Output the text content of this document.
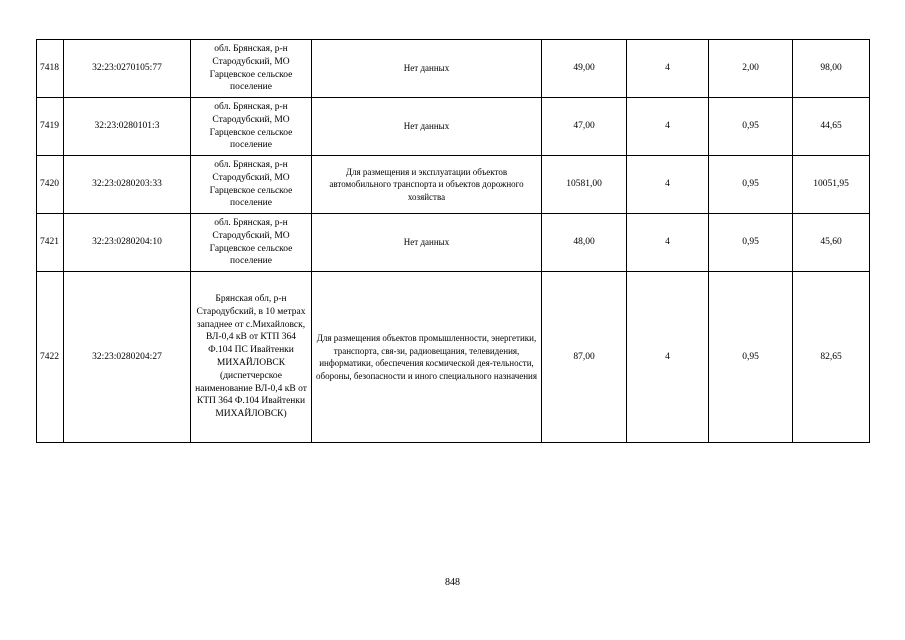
7418	32:23:0270105:77	обл. Брянская, р-н Стародубский, МО Гарцевское сельское поселение	Нет данных	49,00	4	2,00	98,00
7419	32:23:0280101:3	обл. Брянская, р-н Стародубский, МО Гарцевское сельское поселение	Нет данных	47,00	4	0,95	44,65
7420	32:23:0280203:33	обл. Брянская, р-н Стародубский, МО Гарцевское сельское поселение	Для размещения и эксплуатации объектов автомобильного транспорта и объектов дорожного хозяйства	10581,00	4	0,95	10051,95
7421	32:23:0280204:10	обл. Брянская, р-н Стародубский, МО Гарцевское сельское поселение	Нет данных	48,00	4	0,95	45,60
7422	32:23:0280204:27	Брянская обл, р-н Стародубский, в 10 метрах западнее от с.Михайловск, ВЛ-0,4 кВ от КТП 364 Ф.104 ПС Ивайтенки МИХАЙЛОВСК (диспетчерское наименование ВЛ-0,4 кВ от КТП 364 Ф.104 Ивайтенки МИХАЙЛОВСК)	Для размещения объектов промышленности, энергетики, транспорта, свя-зи, радиовещания, телевидения, информатики, обеспечения космической дея-тельности, обороны, безопасности и иного специального назначения	87,00	4	0,95	82,65
848
